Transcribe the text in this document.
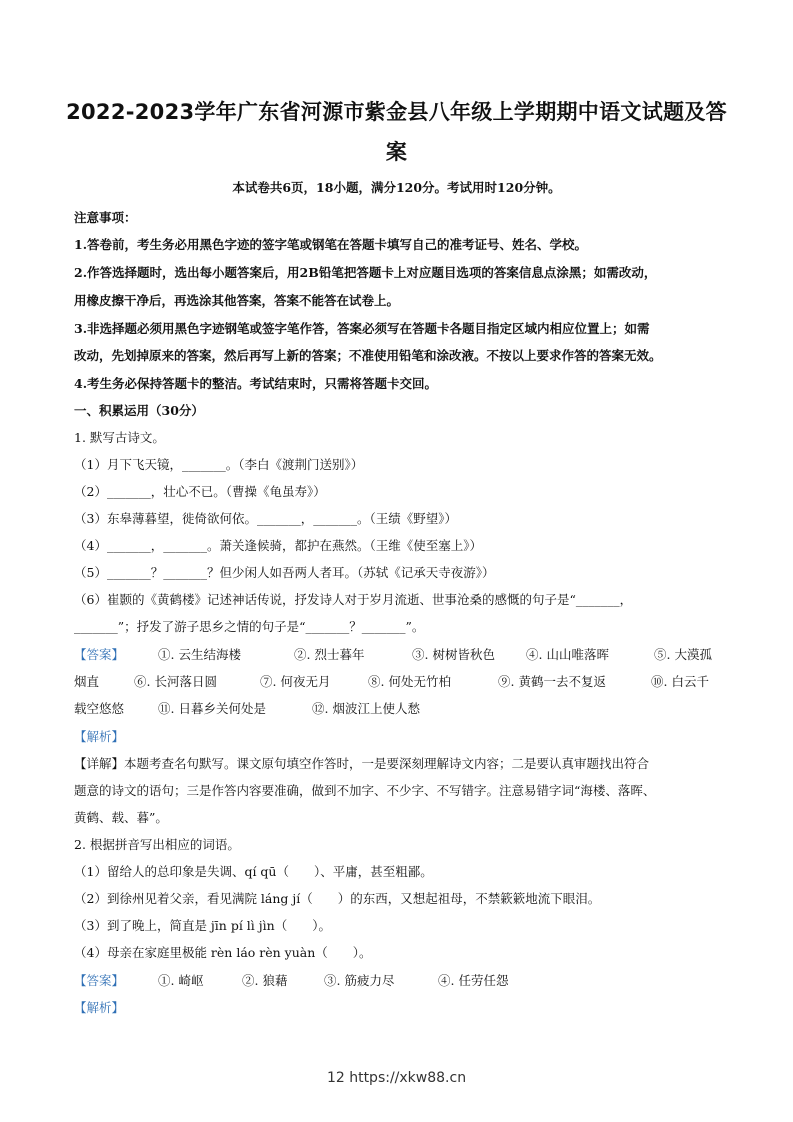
2022-2023学年广东省河源市紫金县八年级上学期期中语文试题及答案
本试卷共6页，18小题，满分120分。考试用时120分钟。
注意事项：
1.答卷前，考生务必用黑色字迹的签字笔或钢笔在答题卡填写自己的准考证号、姓名、学校。
2.作答选择题时，选出每小题答案后，用2B铅笔把答题卡上对应题目选项的答案信息点涂黑；如需改动，
用橡皮擦干净后，再选涂其他答案，答案不能答在试卷上。
3.非选择题必须用黑色字迹钢笔或签字笔作答，答案必须写在答题卡各题目指定区域内相应位置上；如需
改动，先划掉原来的答案，然后再写上新的答案；不准使用铅笔和涂改液。不按以上要求作答的答案无效。
4.考生务必保持答题卡的整洁。考试结束时，只需将答题卡交回。
一、积累运用（30分）
1. 默写古诗文。
（1）月下飞天镜，_______。（李白《渡荆门送别》）
（2）_______，壮心不已。（曹操《龟虽寿》）
（3）东皋薄暮望，徙倚欲何依。_______，_______。（王绩《野望》）
（4）_______，_______。萧关逢候骑，都护在燕然。（王维《使至塞上》）
（5）_______？_______？但少闲人如吾两人者耳。（苏轼《记承天寺夜游》）
（6）崔颢的《黄鹤楼》记述神话传说，抒发诗人对于岁月流逝、世事沧桑的感慨的句子是“_______，
_______”；抒发了游子思乡之情的句子是“_______？_______”。
【答案】	①. 云生结海楼	②. 烈士暮年	③. 树树皆秋色 ④. 山山唯落晖	⑤. 大漠孤
烟直	⑥. 长河落日圆	⑦. 何夜无月	⑧. 何处无竹柏	⑨. 黄鹤一去不复返	⑩. 白云千
载空悠悠	⑪. 日暮乡关何处是	⑫. 烟波江上使人愁
【解析】
【详解】本题考查名句默写。课文原句填空作答时，一是要深刻理解诗文内容；二是要认真审题找出符合
题意的诗文的语句；三是作答内容要准确，做到不加字、不少字、不写错字。注意易错字词“海楼、落晖、
黄鹤、载、暮”。
2. 根据拼音写出相应的词语。
（1）留给人的总印象是失调、qí qū（　　）、平庸，甚至粗鄙。
（2）到徐州见着父亲，看见满院 láng jí（　　）的东西，又想起祖母，不禁簌簌地流下眼泪。
（3）到了晚上，简直是 jīn pí lì jìn（　　）。
（4）母亲在家庭里极能 rèn láo rèn yuàn（　　）。
【答案】	①. 崎岖	②. 狼藉	③. 筋疲力尽	④. 任劳任怨
【解析】
12 https://xkw88.cn
